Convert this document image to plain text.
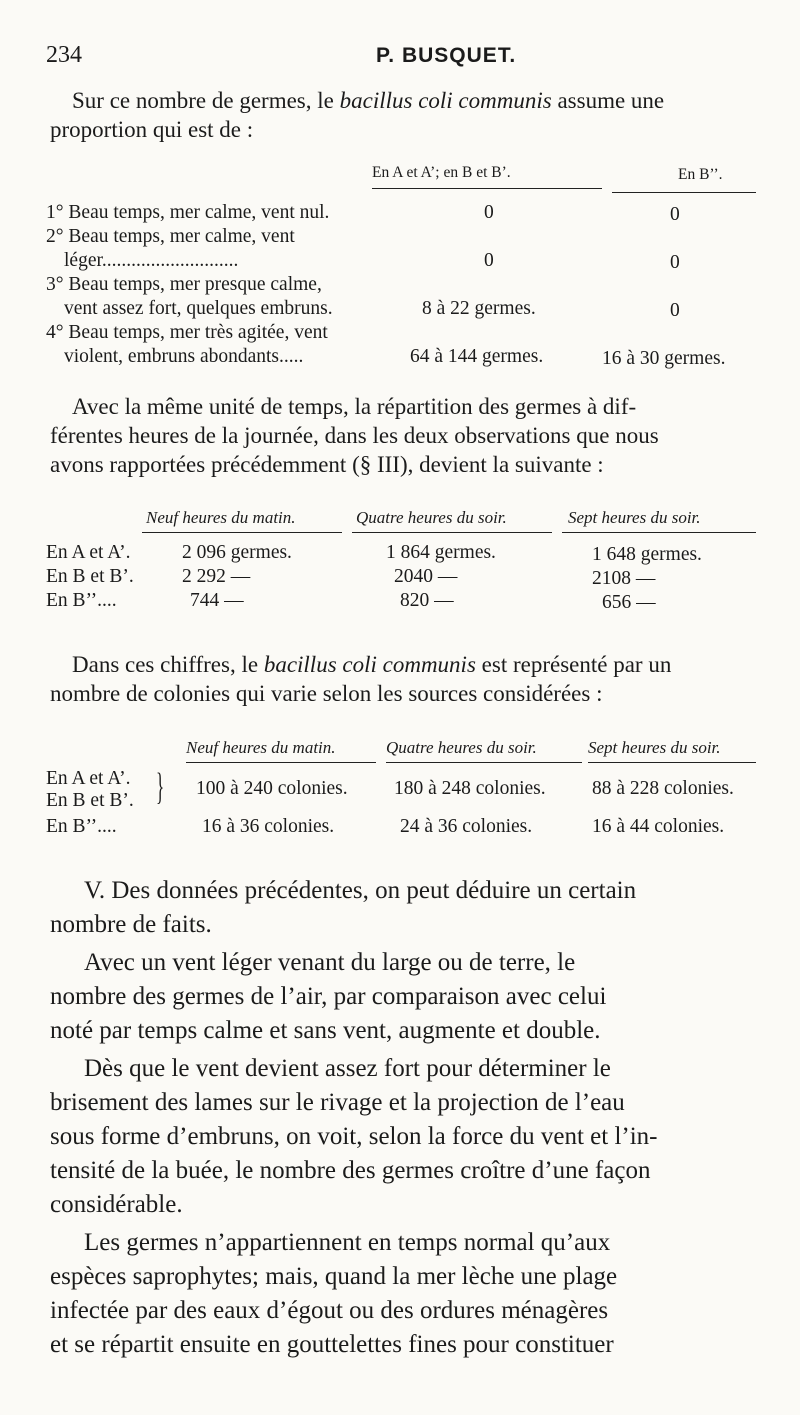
234	P. BUSQUET.
Sur ce nombre de germes, le bacillus coli communis assume une
proportion qui est de :
En A et A’; en B et B’.	En B’’.
1° Beau temps, mer calme, vent nul.	0	0
2° Beau temps, mer calme, vent
léger............................	0	0
3° Beau temps, mer presque calme,
vent assez fort, quelques embruns.	8 à 22 germes.	0
4° Beau temps, mer très agitée, vent
violent, embruns abondants.....	64 à 144 germes.	16 à 30 germes.
Avec la même unité de temps, la répartition des germes à dif-
férentes heures de la journée, dans les deux observations que nous
avons rapportées précédemment (§ III), devient la suivante :
Neuf heures du matin.	Quatre heures du soir.	Sept heures du soir.
En A et A’.	2 096 germes.	1 864 germes.	1 648 germes.
En B et B’. 2 292 —	2040 —	2108 —
En B’’....	744 —	820 —	656 —
Dans ces chiffres, le bacillus coli communis est représenté par un
nombre de colonies qui varie selon les sources considérées :
Neuf heures du matin.	Quatre heures du soir.	Sept heures du soir.
En A et A’.
En B et B’. } 100 à 240 colonies. 180 à 248 colonies. 88 à 228 colonies.
En B’’....	16 à 36 colonies.	24 à 36 colonies.	16 à 44 colonies.
V. Des données précédentes, on peut déduire un certain
nombre de faits.
Avec un vent léger venant du large ou de terre, le
nombre des germes de l’air, par comparaison avec celui
noté par temps calme et sans vent, augmente et double.
Dès que le vent devient assez fort pour déterminer le
brisement des lames sur le rivage et la projection de l’eau
sous forme d’embruns, on voit, selon la force du vent et l’in-
tensité de la buée, le nombre des germes croître d’une façon
considérable.
Les germes n’appartiennent en temps normal qu’aux
espèces saprophytes; mais, quand la mer lèche une plage
infectée par des eaux d’égout ou des ordures ménagères
et se répartit ensuite en gouttelettes fines pour constituer
